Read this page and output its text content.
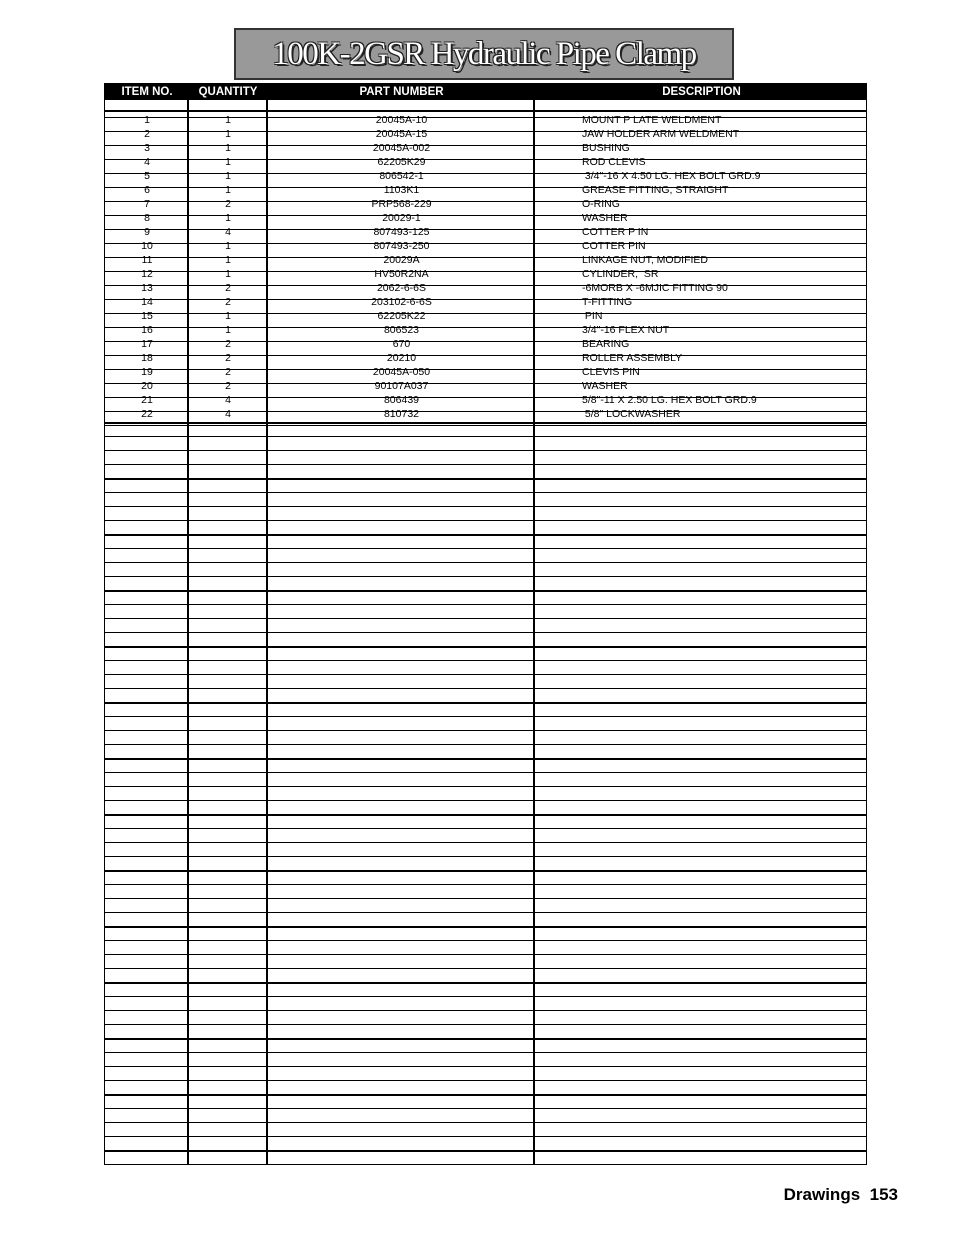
100K-2GSR Hydraulic Pipe Clamp
ITEM NO.	QUANTITY	PART NUMBER	DESCRIPTION
1	1	20045A-10	MOUNT P LATE WELDMENT
2	1	20045A-15	JAW HOLDER ARM WELDMENT
3	1	20045A-002	BUSHING
4	1	62205K29	ROD CLEVIS
5	1	806542-1	3/4"-16 X 4.50 LG. HEX BOLT GRD.9
6	1	1103K1	GREASE FITTING, STRAIGHT
7	2	PRP568-229	O-RING
8	1	20029-1	WASHER
9	4	807493-125	COTTER P IN
10	1	807493-250	COTTER PIN
11	1	20029A	LINKAGE NUT, MODIFIED
12	1	HV50R2NA	CYLINDER,  SR
13	2	2062-6-6S	-6MORB X -6MJIC FITTING 90
14	2	203102-6-6S	T-FITTING
15	1	62205K22	PIN
16	1	806523	3/4"-16 FLEX NUT
17	2	670	BEARING
18	2	20210	ROLLER ASSEMBLY
19	2	20045A-050	CLEVIS PIN
20	2	90107A037	WASHER
21	4	806439	5/8"-11 X 2.50 LG. HEX BOLT GRD.9
22	4	810732	5/8" LOCKWASHER
Drawings 153
